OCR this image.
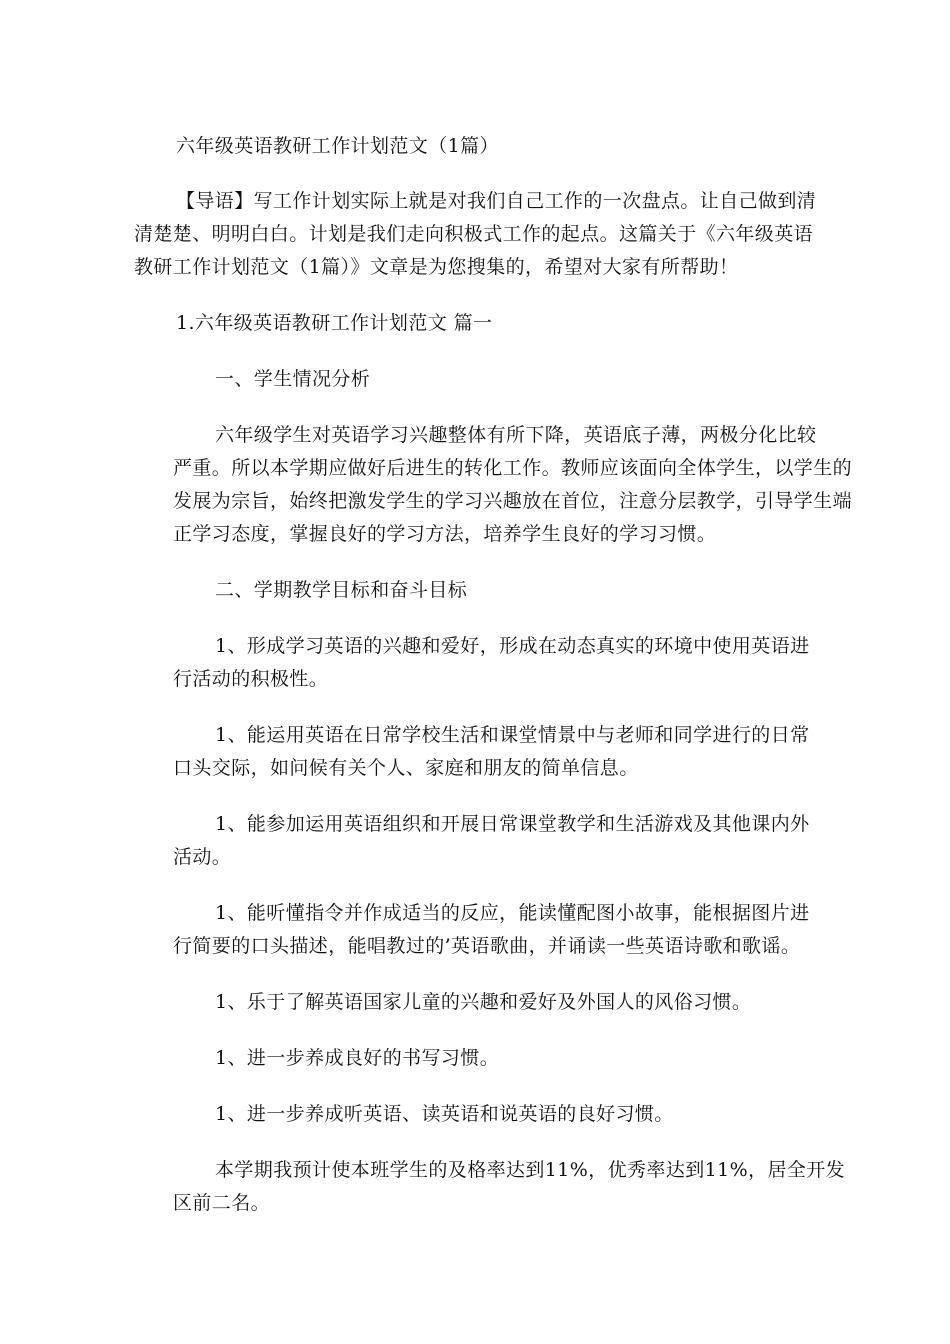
六年级英语教研工作计划范文（1篇）

【导语】写工作计划实际上就是对我们自己工作的一次盘点。让自己做到清

清楚楚、明明白白。计划是我们走向积极式工作的起点。这篇关于《六年级英语

教研工作计划范文（1篇）》文章是为您搜集的，希望对大家有所帮助！

1.六年级英语教研工作计划范文 篇一

一、学生情况分析

六年级学生对英语学习兴趣整体有所下降，英语底子薄，两极分化比较

严重。所以本学期应做好后进生的转化工作。教师应该面向全体学生，以学生的

发展为宗旨，始终把激发学生的学习兴趣放在首位，注意分层教学，引导学生端

正学习态度，掌握良好的学习方法，培养学生良好的学习习惯。

二、学期教学目标和奋斗目标

1、形成学习英语的兴趣和爱好，形成在动态真实的环境中使用英语进

行活动的积极性。

1、能运用英语在日常学校生活和课堂情景中与老师和同学进行的日常

口头交际，如问候有关个人、家庭和朋友的简单信息。

1、能参加运用英语组织和开展日常课堂教学和生活游戏及其他课内外

活动。

1、能听懂指令并作成适当的反应，能读懂配图小故事，能根据图片进

行简要的口头描述，能唱教过的’英语歌曲，并诵读一些英语诗歌和歌谣。

1、乐于了解英语国家儿童的兴趣和爱好及外国人的风俗习惯。

1、进一步养成良好的书写习惯。

1、进一步养成听英语、读英语和说英语的良好习惯。

本学期我预计使本班学生的及格率达到11%，优秀率达到11%，居全开发

区前二名。
